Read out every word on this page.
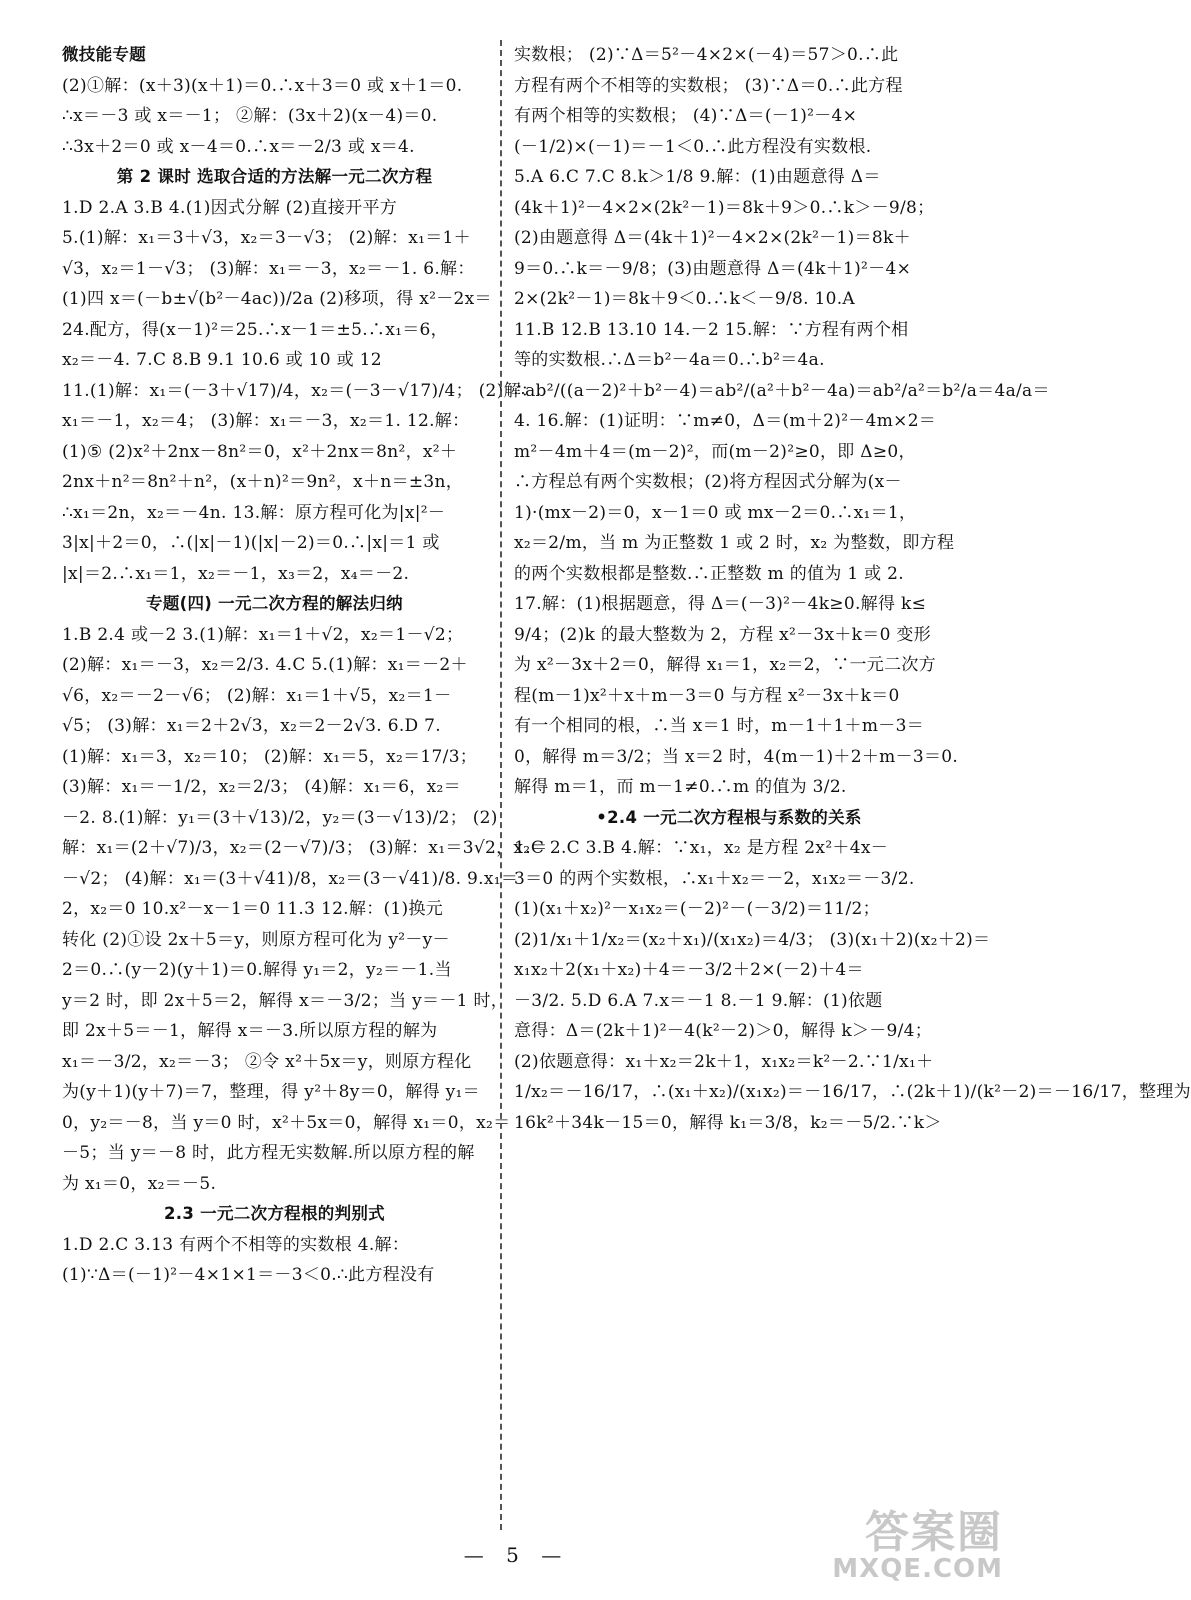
微技能专题
(2)①解：(x＋3)(x＋1)＝0.∴x＋3＝0 或 x＋1＝0.
∴x＝－3 或 x＝－1； ②解：(3x＋2)(x－4)＝0.
∴3x＋2＝0 或 x－4＝0.∴x＝－2/3 或 x＝4.
第 2 课时 选取合适的方法解一元二次方程
1.D 2.A 3.B 4.(1)因式分解 (2)直接开平方
5.(1)解：x₁＝3＋√3，x₂＝3－√3； (2)解：x₁＝1＋
√3，x₂＝1－√3； (3)解：x₁＝－3，x₂＝－1. 6.解：
(1)四 x＝(－b±√(b²－4ac))/2a (2)移项，得 x²－2x＝
24.配方，得(x－1)²＝25.∴x－1＝±5.∴x₁＝6，
x₂＝－4. 7.C 8.B 9.1 10.6 或 10 或 12
11.(1)解：x₁＝(－3＋√17)/4，x₂＝(－3－√17)/4； (2)解：
x₁＝－1，x₂＝4； (3)解：x₁＝－3，x₂＝1. 12.解：
(1)⑤ (2)x²＋2nx－8n²＝0，x²＋2nx＝8n²，x²＋
2nx＋n²＝8n²＋n²，(x＋n)²＝9n²，x＋n＝±3n，
∴x₁＝2n，x₂＝－4n. 13.解：原方程可化为|x|²－
3|x|＋2＝0，∴(|x|－1)(|x|－2)＝0.∴|x|＝1 或
|x|＝2.∴x₁＝1，x₂＝－1，x₃＝2，x₄＝－2.
专题(四) 一元二次方程的解法归纳
1.B 2.4 或－2 3.(1)解：x₁＝1＋√2，x₂＝1－√2；
(2)解：x₁＝－3，x₂＝2/3. 4.C 5.(1)解：x₁＝－2＋
√6，x₂＝－2－√6； (2)解：x₁＝1＋√5，x₂＝1－
√5； (3)解：x₁＝2＋2√3，x₂＝2－2√3. 6.D 7.
(1)解：x₁＝3，x₂＝10； (2)解：x₁＝5，x₂＝17/3；
(3)解：x₁＝－1/2，x₂＝2/3； (4)解：x₁＝6，x₂＝
－2. 8.(1)解：y₁＝(3＋√13)/2，y₂＝(3－√13)/2； (2)
解：x₁＝(2＋√7)/3，x₂＝(2－√7)/3； (3)解：x₁＝3√2，x₂＝
－√2； (4)解：x₁＝(3＋√41)/8，x₂＝(3－√41)/8. 9.x₁＝
2，x₂＝0 10.x²－x－1＝0 11.3 12.解：(1)换元
转化 (2)①设 2x＋5＝y，则原方程可化为 y²－y－
2＝0.∴(y－2)(y＋1)＝0.解得 y₁＝2，y₂＝－1.当
y＝2 时，即 2x＋5＝2，解得 x＝－3/2；当 y＝－1 时，
即 2x＋5＝－1，解得 x＝－3.所以原方程的解为
x₁＝－3/2，x₂＝－3； ②令 x²＋5x＝y，则原方程化
为(y＋1)(y＋7)＝7，整理，得 y²＋8y＝0，解得 y₁＝
0，y₂＝－8，当 y＝0 时，x²＋5x＝0，解得 x₁＝0，x₂＝
－5；当 y＝－8 时，此方程无实数解.所以原方程的解
为 x₁＝0，x₂＝－5.
2.3 一元二次方程根的判别式
1.D 2.C 3.13 有两个不相等的实数根 4.解：
(1)∵Δ＝(－1)²－4×1×1＝－3＜0.∴此方程没有
实数根； (2)∵Δ＝5²－4×2×(－4)＝57＞0.∴此
方程有两个不相等的实数根； (3)∵Δ＝0.∴此方程
有两个相等的实数根； (4)∵Δ＝(－1)²－4×
(－1/2)×(－1)＝－1＜0.∴此方程没有实数根.
5.A 6.C 7.C 8.k＞1/8 9.解：(1)由题意得 Δ＝
(4k＋1)²－4×2×(2k²－1)＝8k＋9＞0.∴k＞－9/8；
(2)由题意得 Δ＝(4k＋1)²－4×2×(2k²－1)＝8k＋
9＝0.∴k＝－9/8；(3)由题意得 Δ＝(4k＋1)²－4×
2×(2k²－1)＝8k＋9＜0.∴k＜－9/8. 10.A
11.B 12.B 13.10 14.－2 15.解：∵方程有两个相
等的实数根.∴Δ＝b²－4a＝0.∴b²＝4a.
∴ab²/((a－2)²＋b²－4)＝ab²/(a²＋b²－4a)＝ab²/a²＝b²/a＝4a/a＝
4. 16.解：(1)证明：∵m≠0，Δ＝(m＋2)²－4m×2＝
m²－4m＋4＝(m－2)²，而(m－2)²≥0，即 Δ≥0，
∴方程总有两个实数根；(2)将方程因式分解为(x－
1)·(mx－2)＝0，x－1＝0 或 mx－2＝0.∴x₁＝1，
x₂＝2/m，当 m 为正整数 1 或 2 时，x₂ 为整数，即方程
的两个实数根都是整数.∴正整数 m 的值为 1 或 2.
17.解：(1)根据题意，得 Δ＝(－3)²－4k≥0.解得 k≤
9/4；(2)k 的最大整数为 2，方程 x²－3x＋k＝0 变形
为 x²－3x＋2＝0，解得 x₁＝1，x₂＝2，∵一元二次方
程(m－1)x²＋x＋m－3＝0 与方程 x²－3x＋k＝0
有一个相同的根，∴当 x＝1 时，m－1＋1＋m－3＝
0，解得 m＝3/2；当 x＝2 时，4(m－1)＋2＋m－3＝0.
解得 m＝1，而 m－1≠0.∴m 的值为 3/2.
•2.4 一元二次方程根与系数的关系
1.C 2.C 3.B 4.解：∵x₁，x₂ 是方程 2x²＋4x－
3＝0 的两个实数根，∴x₁＋x₂＝－2，x₁x₂＝－3/2.
(1)(x₁＋x₂)²－x₁x₂＝(－2)²－(－3/2)＝11/2；
(2)1/x₁＋1/x₂＝(x₂＋x₁)/(x₁x₂)＝4/3； (3)(x₁＋2)(x₂＋2)＝
x₁x₂＋2(x₁＋x₂)＋4＝－3/2＋2×(－2)＋4＝
－3/2. 5.D 6.A 7.x＝－1 8.－1 9.解：(1)依题
意得：Δ＝(2k＋1)²－4(k²－2)＞0，解得 k＞－9/4；
(2)依题意得：x₁＋x₂＝2k＋1，x₁x₂＝k²－2.∵1/x₁＋
1/x₂＝－16/17，∴(x₁＋x₂)/(x₁x₂)＝－16/17，∴(2k＋1)/(k²－2)＝－16/17，整理为
16k²＋34k－15＝0，解得 k₁＝3/8，k₂＝－5/2.∵k＞
— 5 —	答案圈
MXQE.COM
